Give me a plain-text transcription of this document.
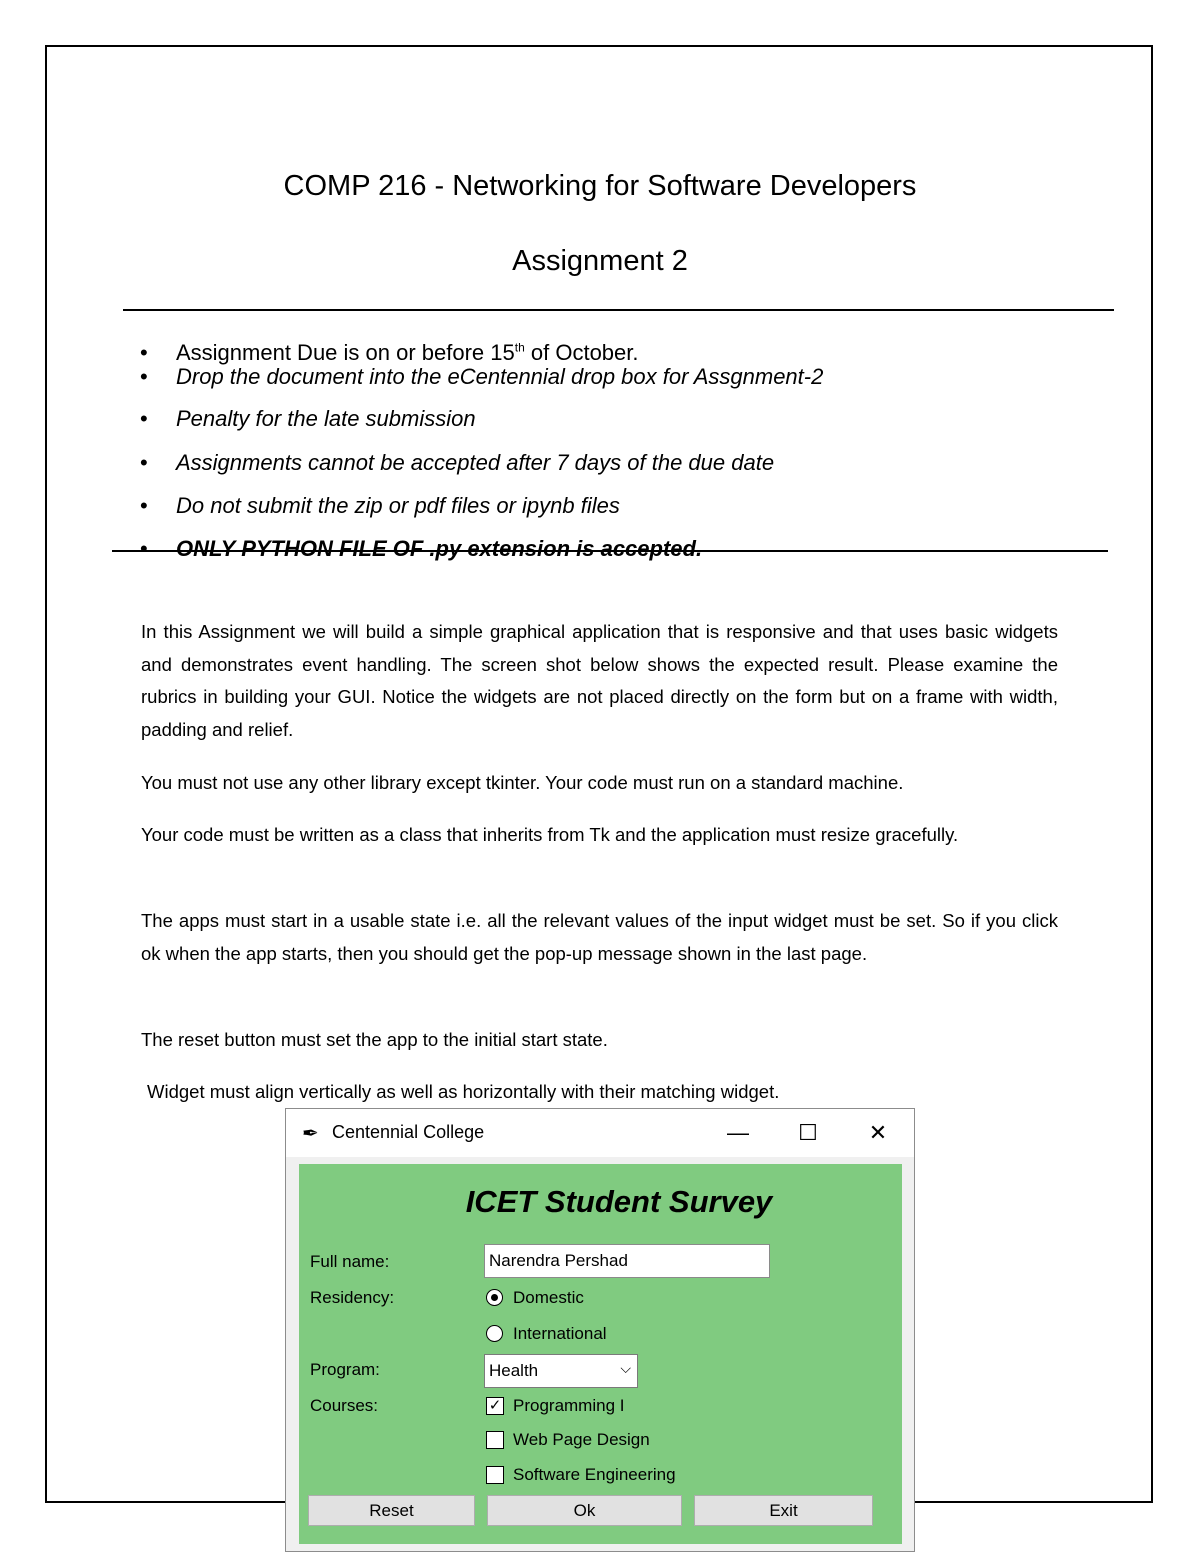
COMP 216 - Networking for Software Developers
Assignment 2
• Assignment Due is on or before 15th of October.
• Drop the document into the eCentennial drop box for Assgnment-2
• Penalty for the late submission
• Assignments cannot be accepted after 7 days of the due date
• Do not submit the zip or pdf files or ipynb files
• ONLY PYTHON FILE OF .py extension is accepted.
In this Assignment we will build a simple graphical application that is responsive and that uses basic widgets and demonstrates event handling. The screen shot below shows the expected result. Please examine the rubrics in building your GUI. Notice the widgets are not placed directly on the form but on a frame with width, padding and relief.
You must not use any other library except tkinter. Your code must run on a standard machine.
Your code must be written as a class that inherits from Tk and the application must resize gracefully.
The apps must start in a usable state i.e. all the relevant values of the input widget must be set. So if you click ok when the app starts, then you should get the pop-up message shown in the last page.
The reset button must set the app to the initial start state.
Widget must align vertically as well as horizontally with their matching widget.
✒ Centennial College	—	☐	✕
ICET Student Survey
Full name:	Narendra Pershad
Residency:	Domestic
International
Program:	Health	⌵
Courses:	✓ Programming I
Web Page Design
Software Engineering
Reset	Ok	Exit
